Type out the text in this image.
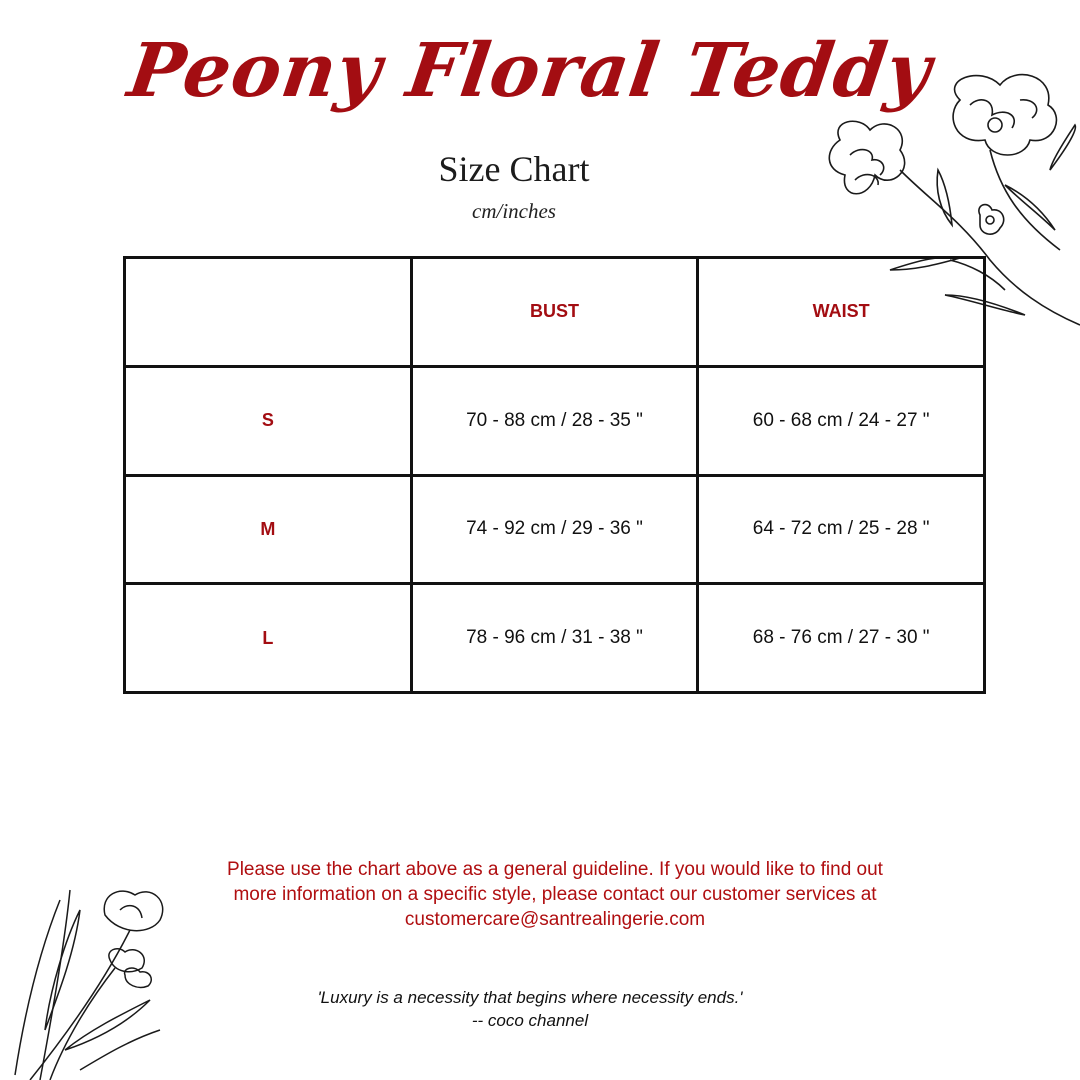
Peony Floral Teddy
Size Chart
cm/inches
	BUST	WAIST
S	70 - 88 cm / 28 - 35 "	60 - 68 cm / 24 - 27 "
M	74 - 92 cm / 29 - 36 "	64 - 72 cm / 25 - 28 "
L	78 - 96 cm / 31 - 38 "	68 - 76 cm / 27 - 30 "
Please use the chart above as a general guideline. If you would like to find out
more information on a specific style, please contact our customer services at
customercare@santrealingerie.com
'Luxury is a necessity that begins where necessity ends.'
-- coco channel
